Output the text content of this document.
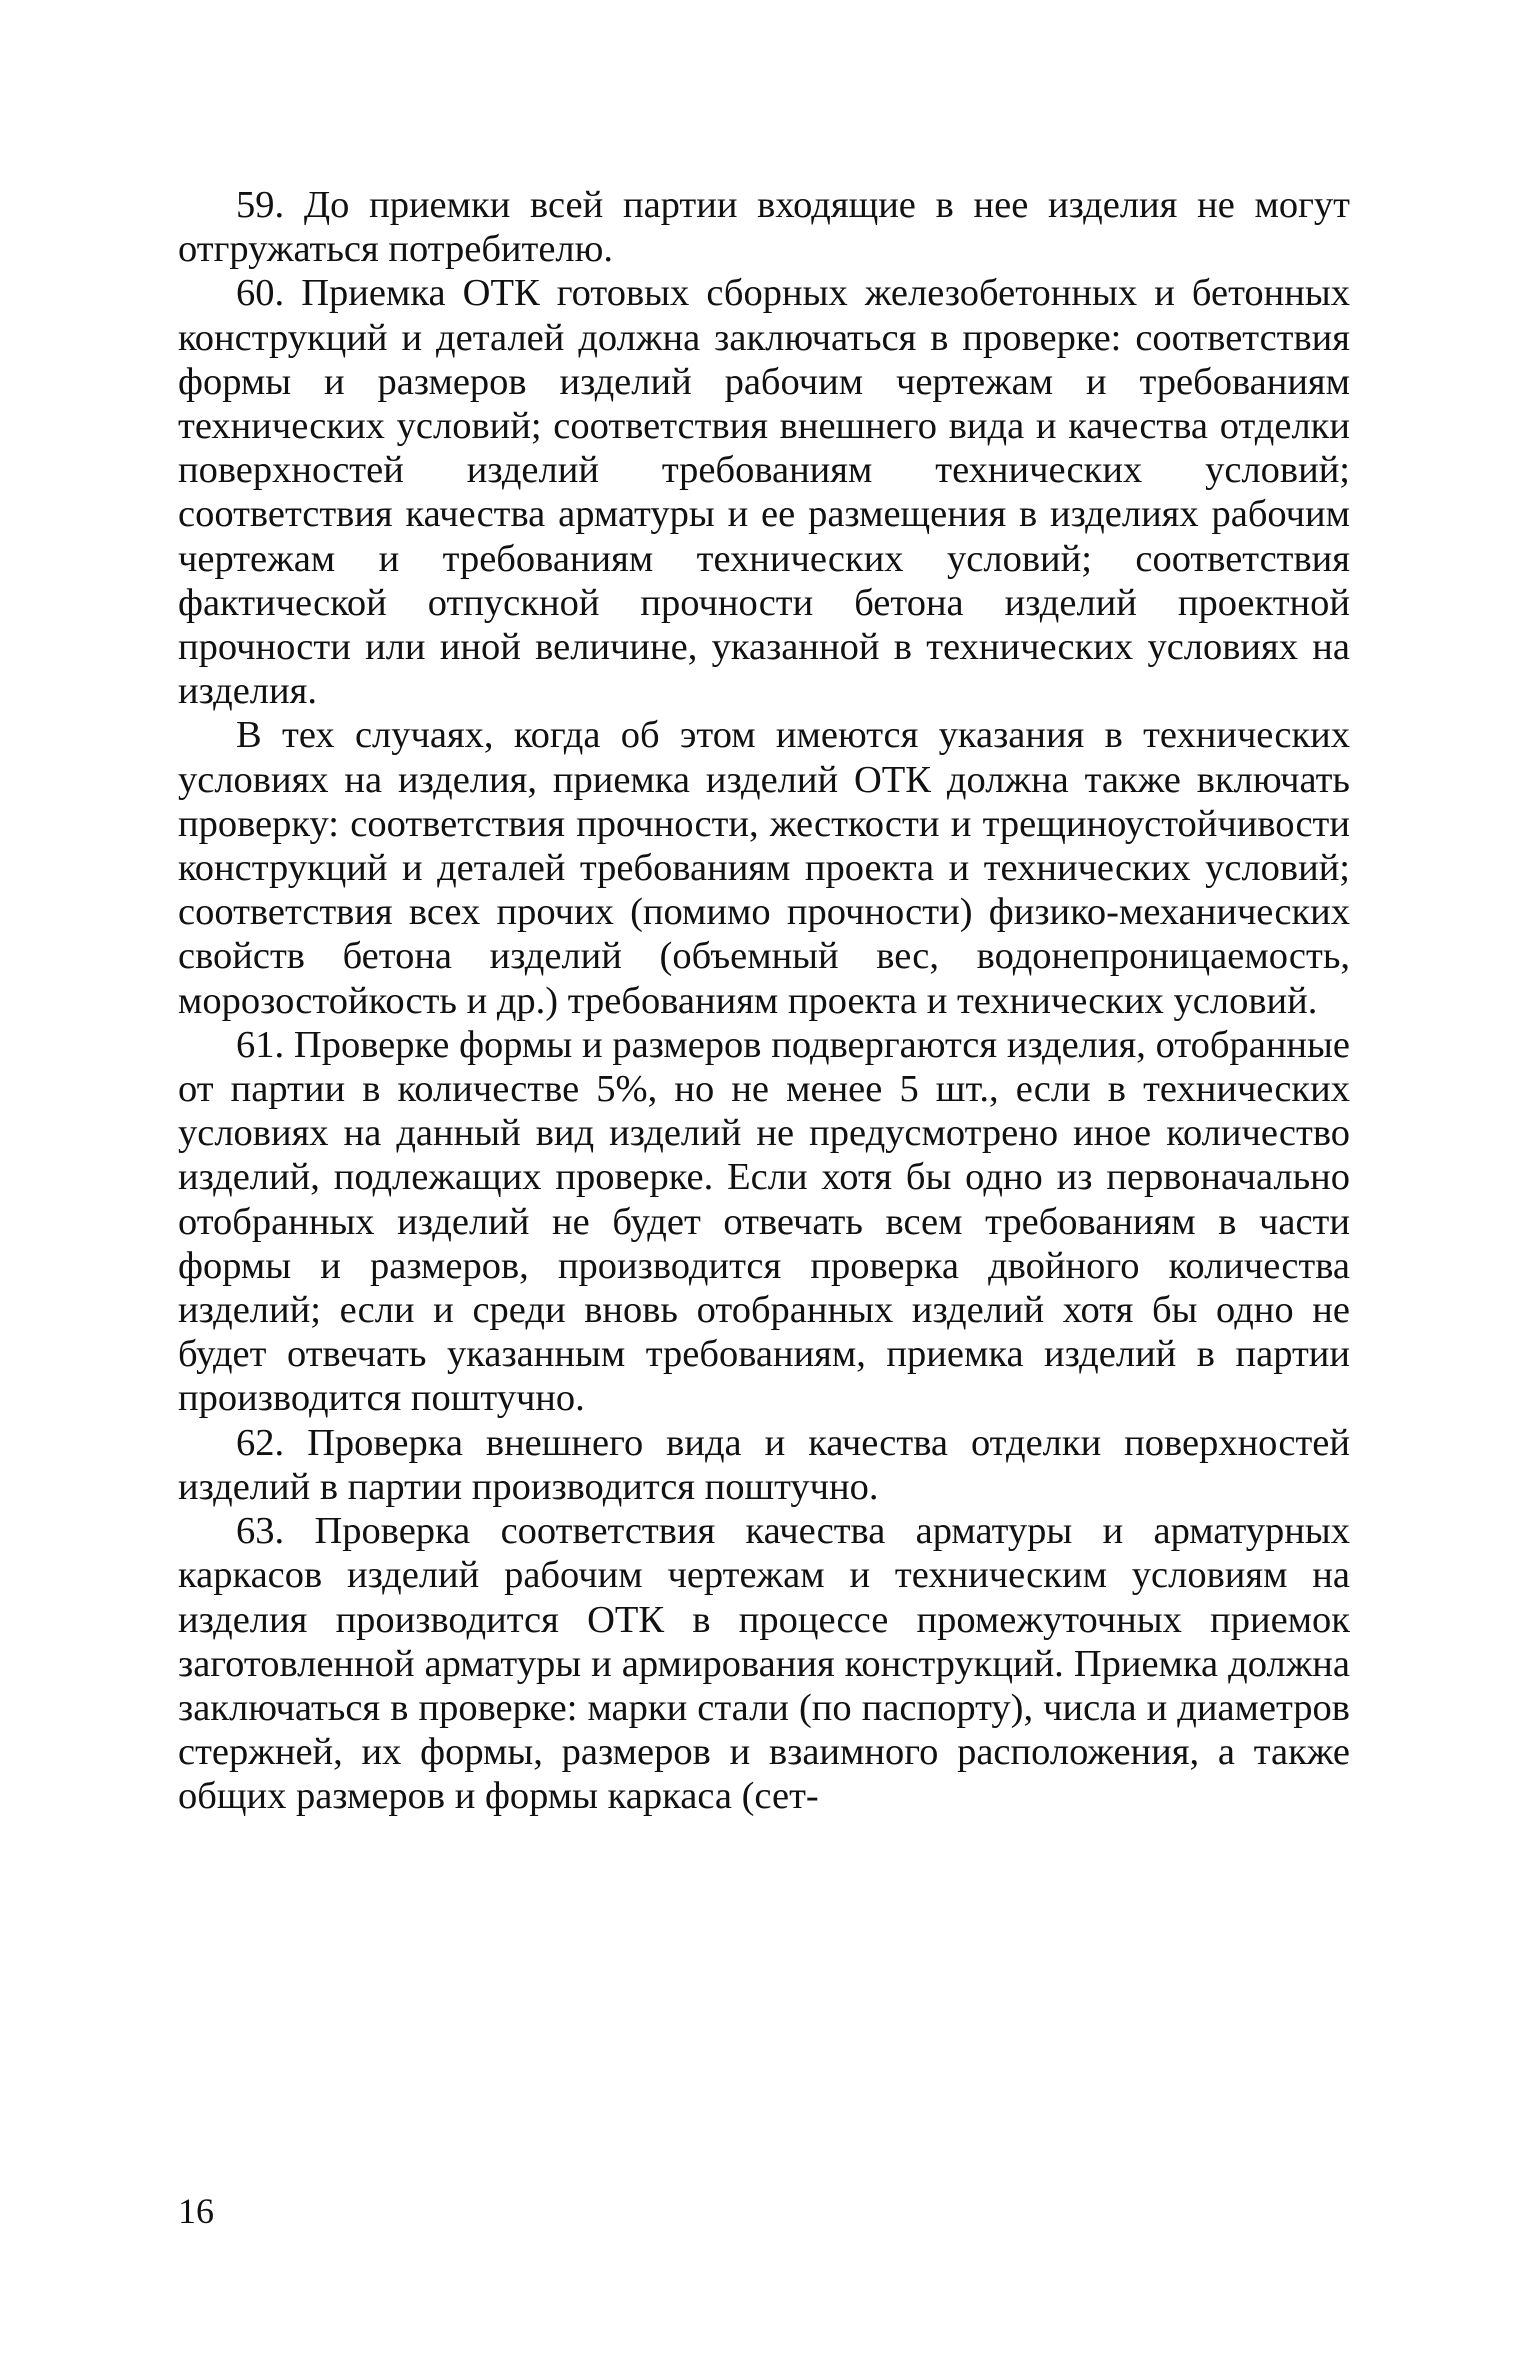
59. До приемки всей партии входящие в нее изделия не могут отгружаться потребителю.

60. Приемка ОТК готовых сборных железобетонных и бетонных конструкций и деталей должна заключаться в проверке: соответствия формы и размеров изделий рабочим чертежам и требованиям технических условий; соответствия внешнего вида и качества отделки поверхностей изделий требованиям технических условий; соответствия качества арматуры и ее размещения в изделиях рабочим чертежам и требованиям технических условий; соответствия фактической отпускной прочности бетона изделий проектной прочности или иной величине, указанной в технических условиях на изделия.

В тех случаях, когда об этом имеются указания в технических условиях на изделия, приемка изделий ОТК должна также включать проверку: соответствия прочности, жесткости и трещиноустойчивости конструкций и деталей требованиям проекта и технических условий; соответствия всех прочих (помимо прочности) физико-механических свойств бетона изделий (объемный вес, водонепроницаемость, морозостойкость и др.) требованиям проекта и технических условий.

61. Проверке формы и размеров подвергаются изделия, отобранные от партии в количестве 5%, но не менее 5 шт., если в технических условиях на данный вид изделий не предусмотрено иное количество изделий, подлежащих проверке. Если хотя бы одно из первоначально отобранных изделий не будет отвечать всем требованиям в части формы и размеров, производится проверка двойного количества изделий; если и среди вновь отобранных изделий хотя бы одно не будет отвечать указанным требованиям, приемка изделий в партии производится поштучно.

62. Проверка внешнего вида и качества отделки поверхностей изделий в партии производится поштучно.

63. Проверка соответствия качества арматуры и арматурных каркасов изделий рабочим чертежам и техническим условиям на изделия производится ОТК в процессе промежуточных приемок заготовленной арматуры и армирования конструкций. Приемка должна заключаться в проверке: марки стали (по паспорту), числа и диаметров стержней, их формы, размеров и взаимного расположения, а также общих размеров и формы каркаса (сет-

16
